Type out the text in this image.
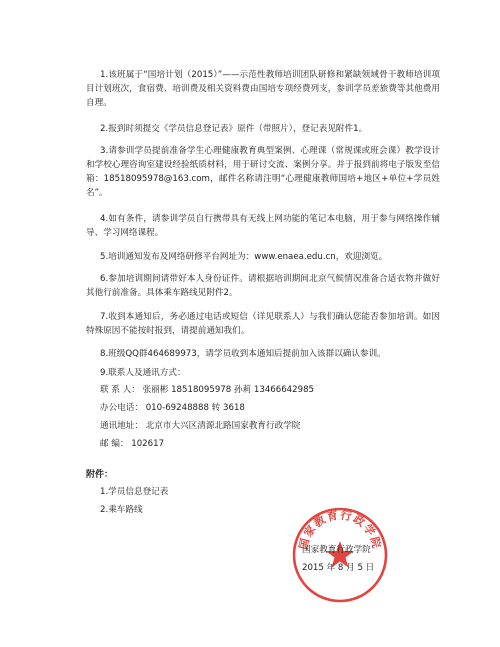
1.该班属于“国培计划（2015）”——示范性教师培训团队研修和紧缺领域骨干教师培训项目计划班次，食宿费、培训费及相关资料费由国培专项经费列支，参训学员差旅费等其他费用自理。

2.报到时须提交《学员信息登记表》原件（带照片），登记表见附件1。

3.请参训学员提前准备学生心理健康教育典型案例、心理课（常规课或班会课）教学设计和学校心理咨询室建设经验纸质材料，用于研讨交流、案例分享。并于报到前将电子版发至信箱：18518095978@163.com，邮件名称请注明“心理健康教师国培+地区+单位+学员姓名”。

4.如有条件，请参训学员自行携带具有无线上网功能的笔记本电脑，用于参与网络操作辅导、学习网络课程。

5.培训通知发布及网络研修平台网址为：www.enaea.edu.cn，欢迎浏览。

6.参加培训期间请带好本人身份证件。请根据培训期间北京气候情况准备合适衣物并做好其他行前准备。具体乘车路线见附件2。

7.收到本通知后，务必通过电话或短信（详见联系人）与我们确认您能否参加培训。如因特殊原因不能按时报到，请提前通知我们。

8.班级QQ群464689973，请学员收到本通知后提前加入该群以确认参训。

9.联系人及通讯方式：

联 系 人： 张丽彬 18518095978 孙莉 13466642985
办公电话： 010-69248888 转 3618
通讯地址： 北京市大兴区清源北路国家教育行政学院
邮 编： 102617
附件：
1.学员信息登记表
2.乘车路线
国家教育行政学院
国家教育行政学院
2015 年 8 月 5 日
